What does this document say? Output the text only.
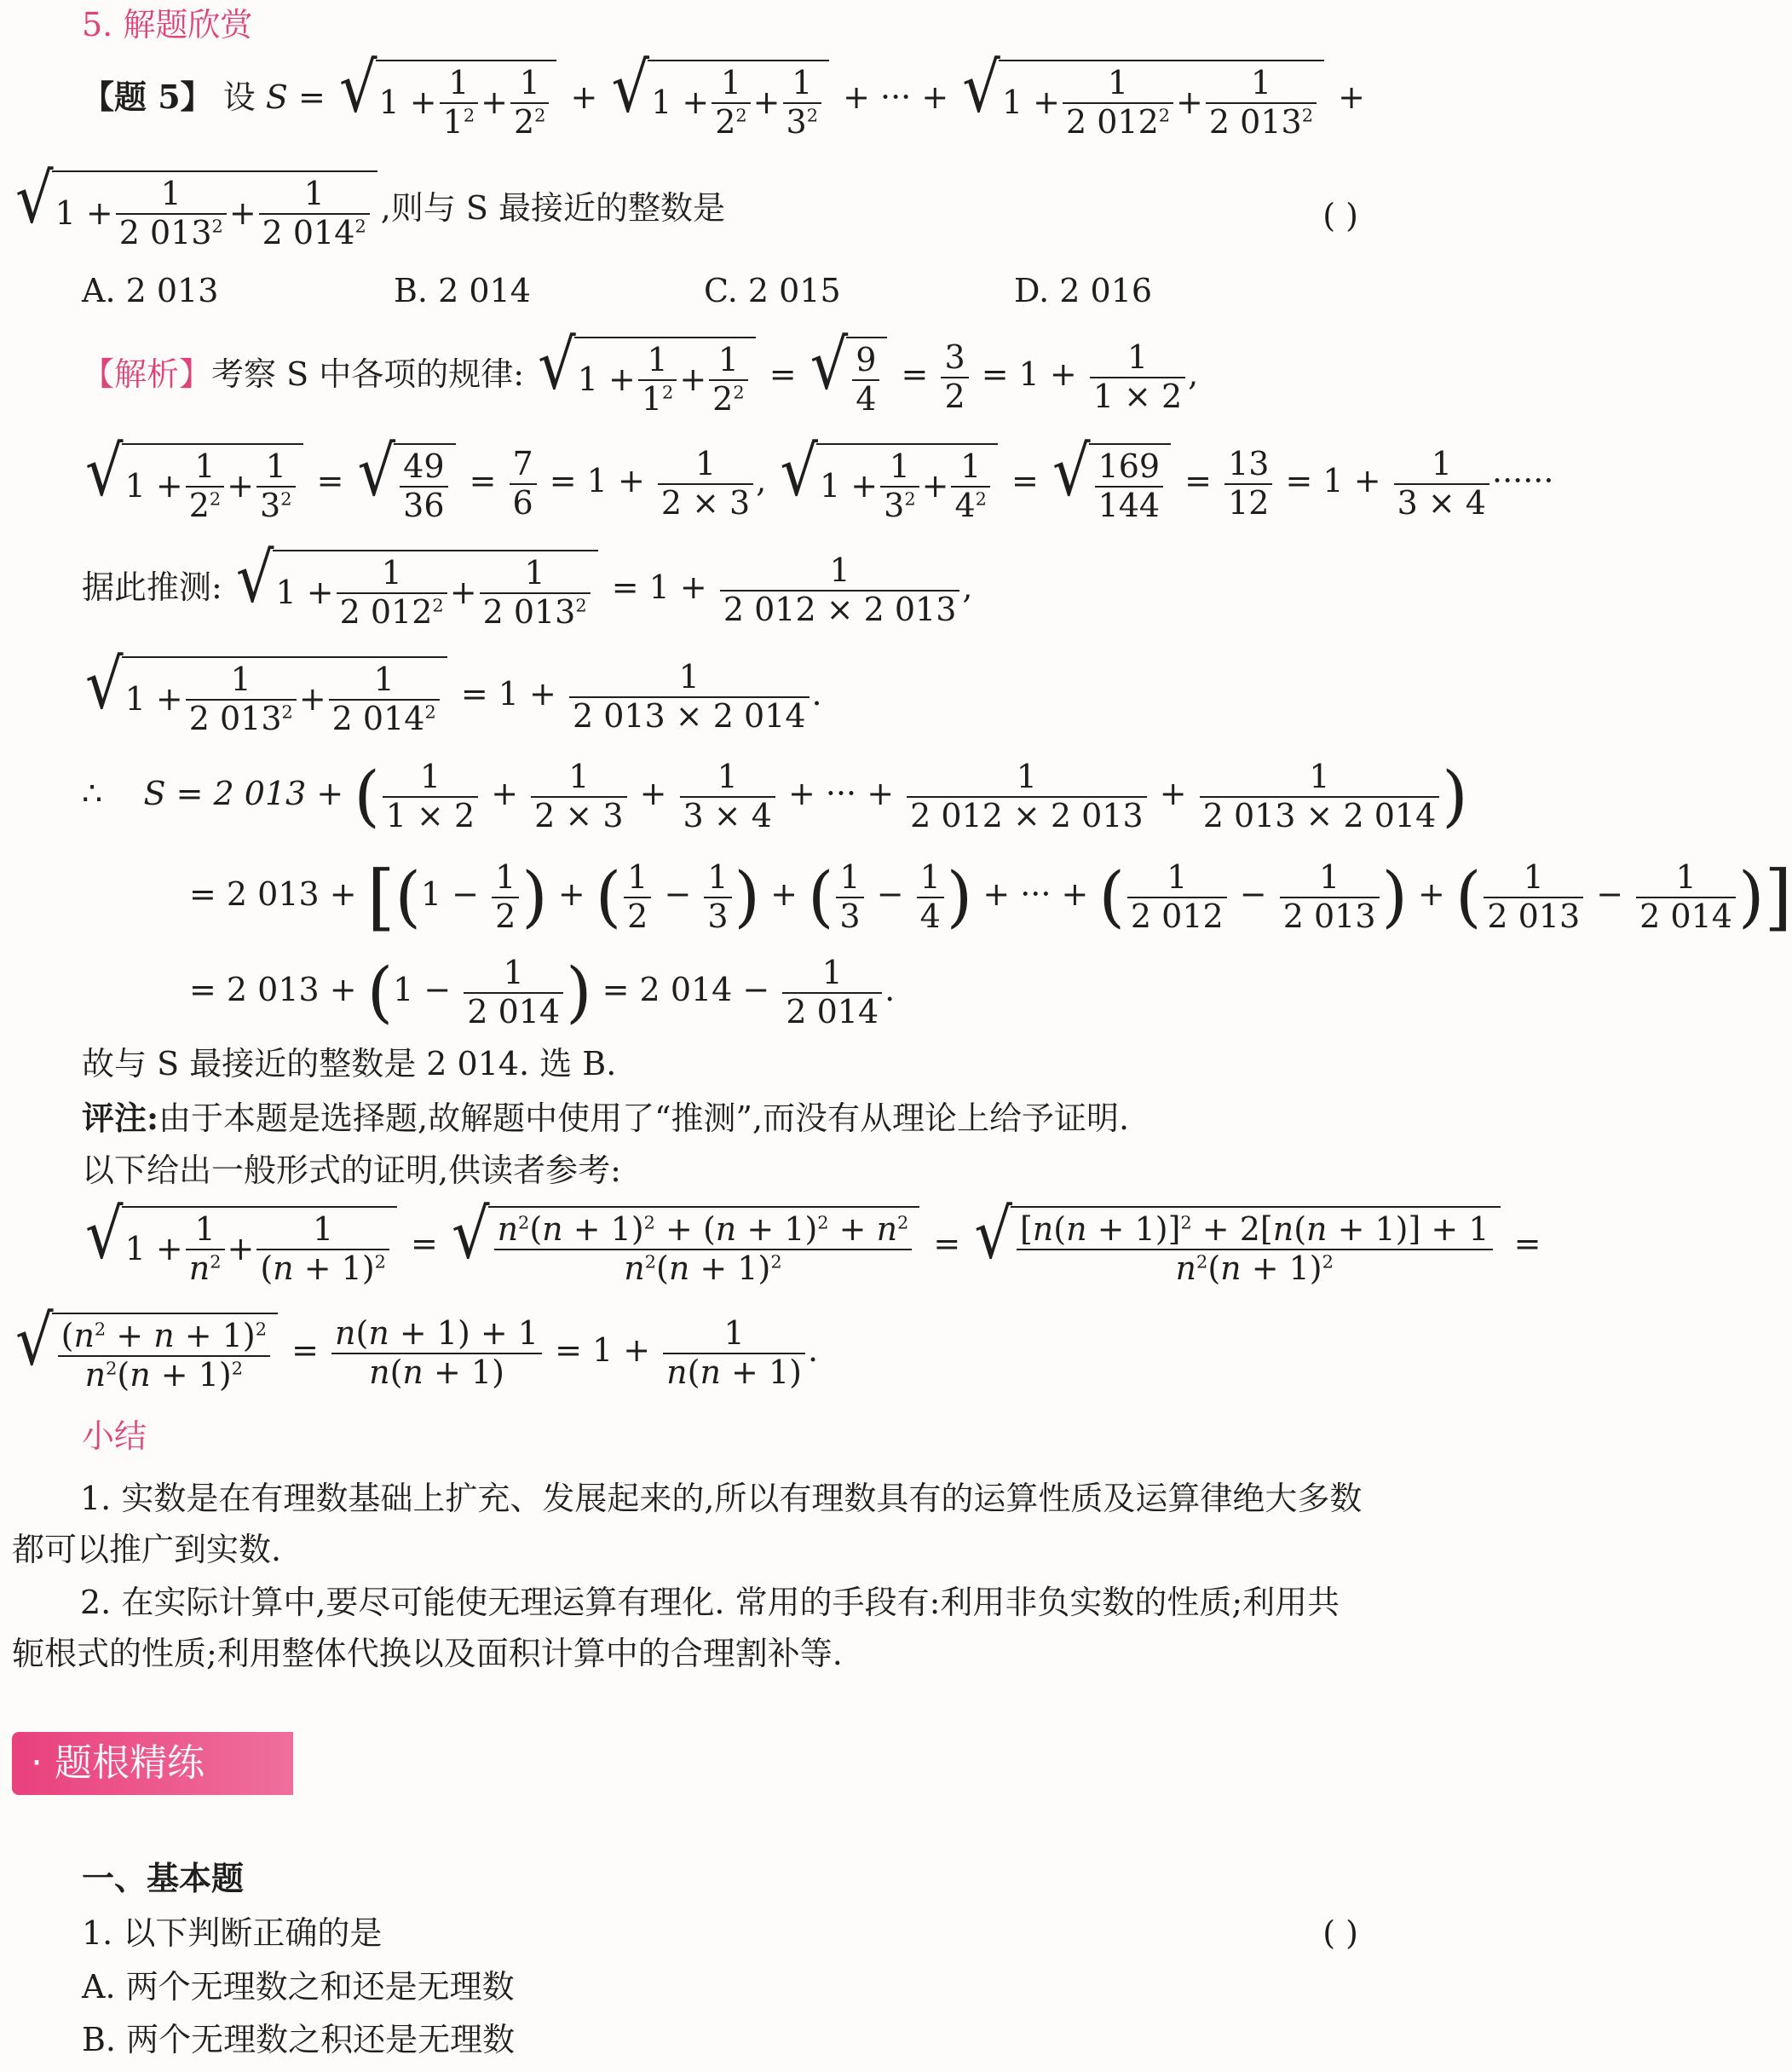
5. 解题欣赏
【题 5】 设 S = √ $1 + \frac{1}{1^2} + \frac{1}{2^2}$ + √ $1 + \frac{1}{2^2} + \frac{1}{3^2}$ + ··· + √ $1 + \frac{1}{2 012^2} + \frac{1}{2 013^2}$ +
√ $1 + \frac{1}{2 013^2} + \frac{1}{2 014^2}$ ,则与 S 最接近的整数是	( )
A. 2 013	B. 2 014	C. 2 015	D. 2 016
【解析】考察 S 中各项的规律: √ $1 + \frac{1}{1^2} + \frac{1}{2^2}$ = √ $\frac{9}{4} = \frac{3}{2} = 1 + \frac{1}{1 \times 2}$ ,
√ $1 + \frac{1}{2^2} + \frac{1}{3^2}$ = √ $\frac{49}{36} = \frac{7}{6} = 1 + \frac{1}{2 \times 3}$ , √ $1 + \frac{1}{3^2} + \frac{1}{4^2}$ = √ $\frac{169}{144} = \frac{13}{12} = 1 + \frac{1}{3 \times 4}$ ······
据此推测: √ $1 + \frac{1}{2 012^2} + \frac{1}{2 013^2} = 1 + \frac{1}{2 012 \times 2 013}$ ,
√ $1 + \frac{1}{2 013^2} + \frac{1}{2 014^2} = 1 + \frac{1}{2 013 \times 2 014}$ .
∴ S = 2 013 + ( $\frac{1}{1 \times 2} + \frac{1}{2 \times 3} + \frac{1}{3 \times 4}$ + ··· + $\frac{1}{2 012 \times 2 013} + \frac{1}{2 013 \times 2 014}$ )
= 2 $013 + [(1 - \frac{1}{2}$ ) + ( $\frac{1}{2} - \frac{1}{3}$ ) + ( $\frac{1}{3} - \frac{1}{4}$ ) + ··· + ( $\frac{1}{2 012} - \frac{1}{2 013}$ ) + ( $\frac{1}{2 013} - \frac{1}{2 014}$ )]
= 2 $013 + (1 - \frac{1}{2 014}$ ) = 2 $014 - \frac{1}{2 014}$ .
故与 S 最接近的整数是 2 014. 选 B.
评注:由于本题是选择题,故解题中使用了“推测”,而没有从理论上给予证明.
以下给出一般形式的证明,供读者参考:
√ $1 + \frac{1}{n^2} + \frac{1}{(n + 1)^2}$ = √ $\frac{n^2(n + 1)^2 + (n + 1)^2 + n^2}{n^2(n + 1)^2}$ = √ $\frac{[n(n + 1)]^2 + 2[n(n + 1)] + 1}{n^2(n + 1)^2}$ =
√ $\frac{(n^2 + n + 1)^2}{n^2(n + 1)^2} = \frac{n(n + 1) + 1}{n(n + 1)} = 1 + \frac{1}{n(n + 1)}$ .
小结
1. 实数是在有理数基础上扩充、发展起来的,所以有理数具有的运算性质及运算律绝大多数都可以推广到实数.
2. 在实际计算中,要尽可能使无理运算有理化. 常用的手段有:利用非负实数的性质;利用共轭根式的性质;利用整体代换以及面积计算中的合理割补等.
· 题根精练
一、基本题
1. 以下判断正确的是	( )
A. 两个无理数之和还是无理数
B. 两个无理数之积还是无理数
